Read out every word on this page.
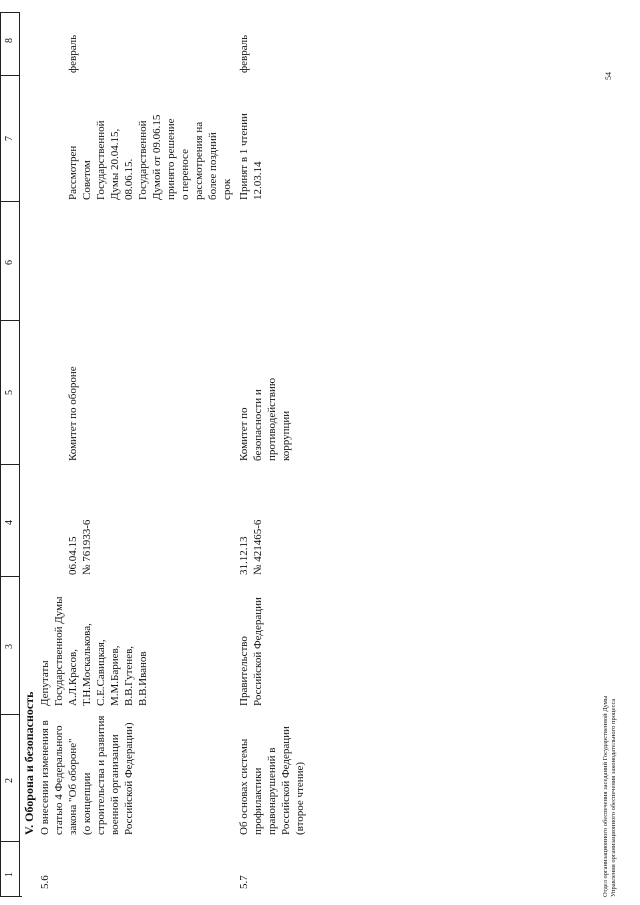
1
2
3
4
5
6
7
8
V. Оборона и безопасность
5.6
О внесении изменения в
статью 4 Федерального
закона "Об обороне"
(о концепции
строительства и развития
военной организации
Российской Федерации)
Депутаты
Государственной Думы
А.Л.Красов,
Т.Н.Москалькова,
С.Е.Савицкая,
М.М.Бариев,
В.В.Гутенев,
В.В.Иванов
06.04.15
№ 761933-6
Комитет по обороне
Рассмотрен
Советом
Государственной
Думы 20.04.15,
08.06.15.
Государственной
Думой от 09.06.15
принято решение
о переносе
рассмотрения на
более поздний
срок
февраль
5.7
Об основах системы
профилактики
правонарушений в
Российской Федерации
(второе чтение)
Правительство
Российской Федерации
31.12.13
№ 421465-6
Комитет по
безопасности и
противодействию
коррупции
Принят в 1 чтении
12.03.14
февраль
Отдел организационного обеспечения заседаний Государственной Думы
Управления организационного обеспечения законодательного процесса
54
